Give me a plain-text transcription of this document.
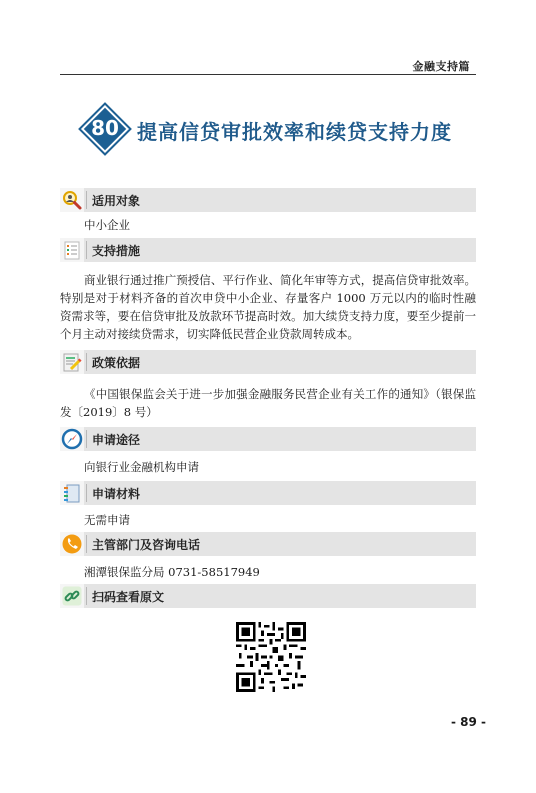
金融支持篇
80 提高信贷审批效率和续贷支持力度
适用对象
中小企业
支持措施
商业银行通过推广预授信、平行作业、简化年审等方式，提高信贷审批效率。特别是对于材料齐备的首次申贷中小企业、存量客户 1000 万元以内的临时性融资需求等，要在信贷审批及放款环节提高时效。加大续贷支持力度，要至少提前一个月主动对接续贷需求，切实降低民营企业贷款周转成本。
政策依据
《中国银保监会关于进一步加强金融服务民营企业有关工作的通知》（银保监发〔2019〕8 号）
申请途径
向银行业金融机构申请
申请材料
无需申请
主管部门及咨询电话
湘潭银保监分局 0731-58517949
扫码查看原文
- 89 -
